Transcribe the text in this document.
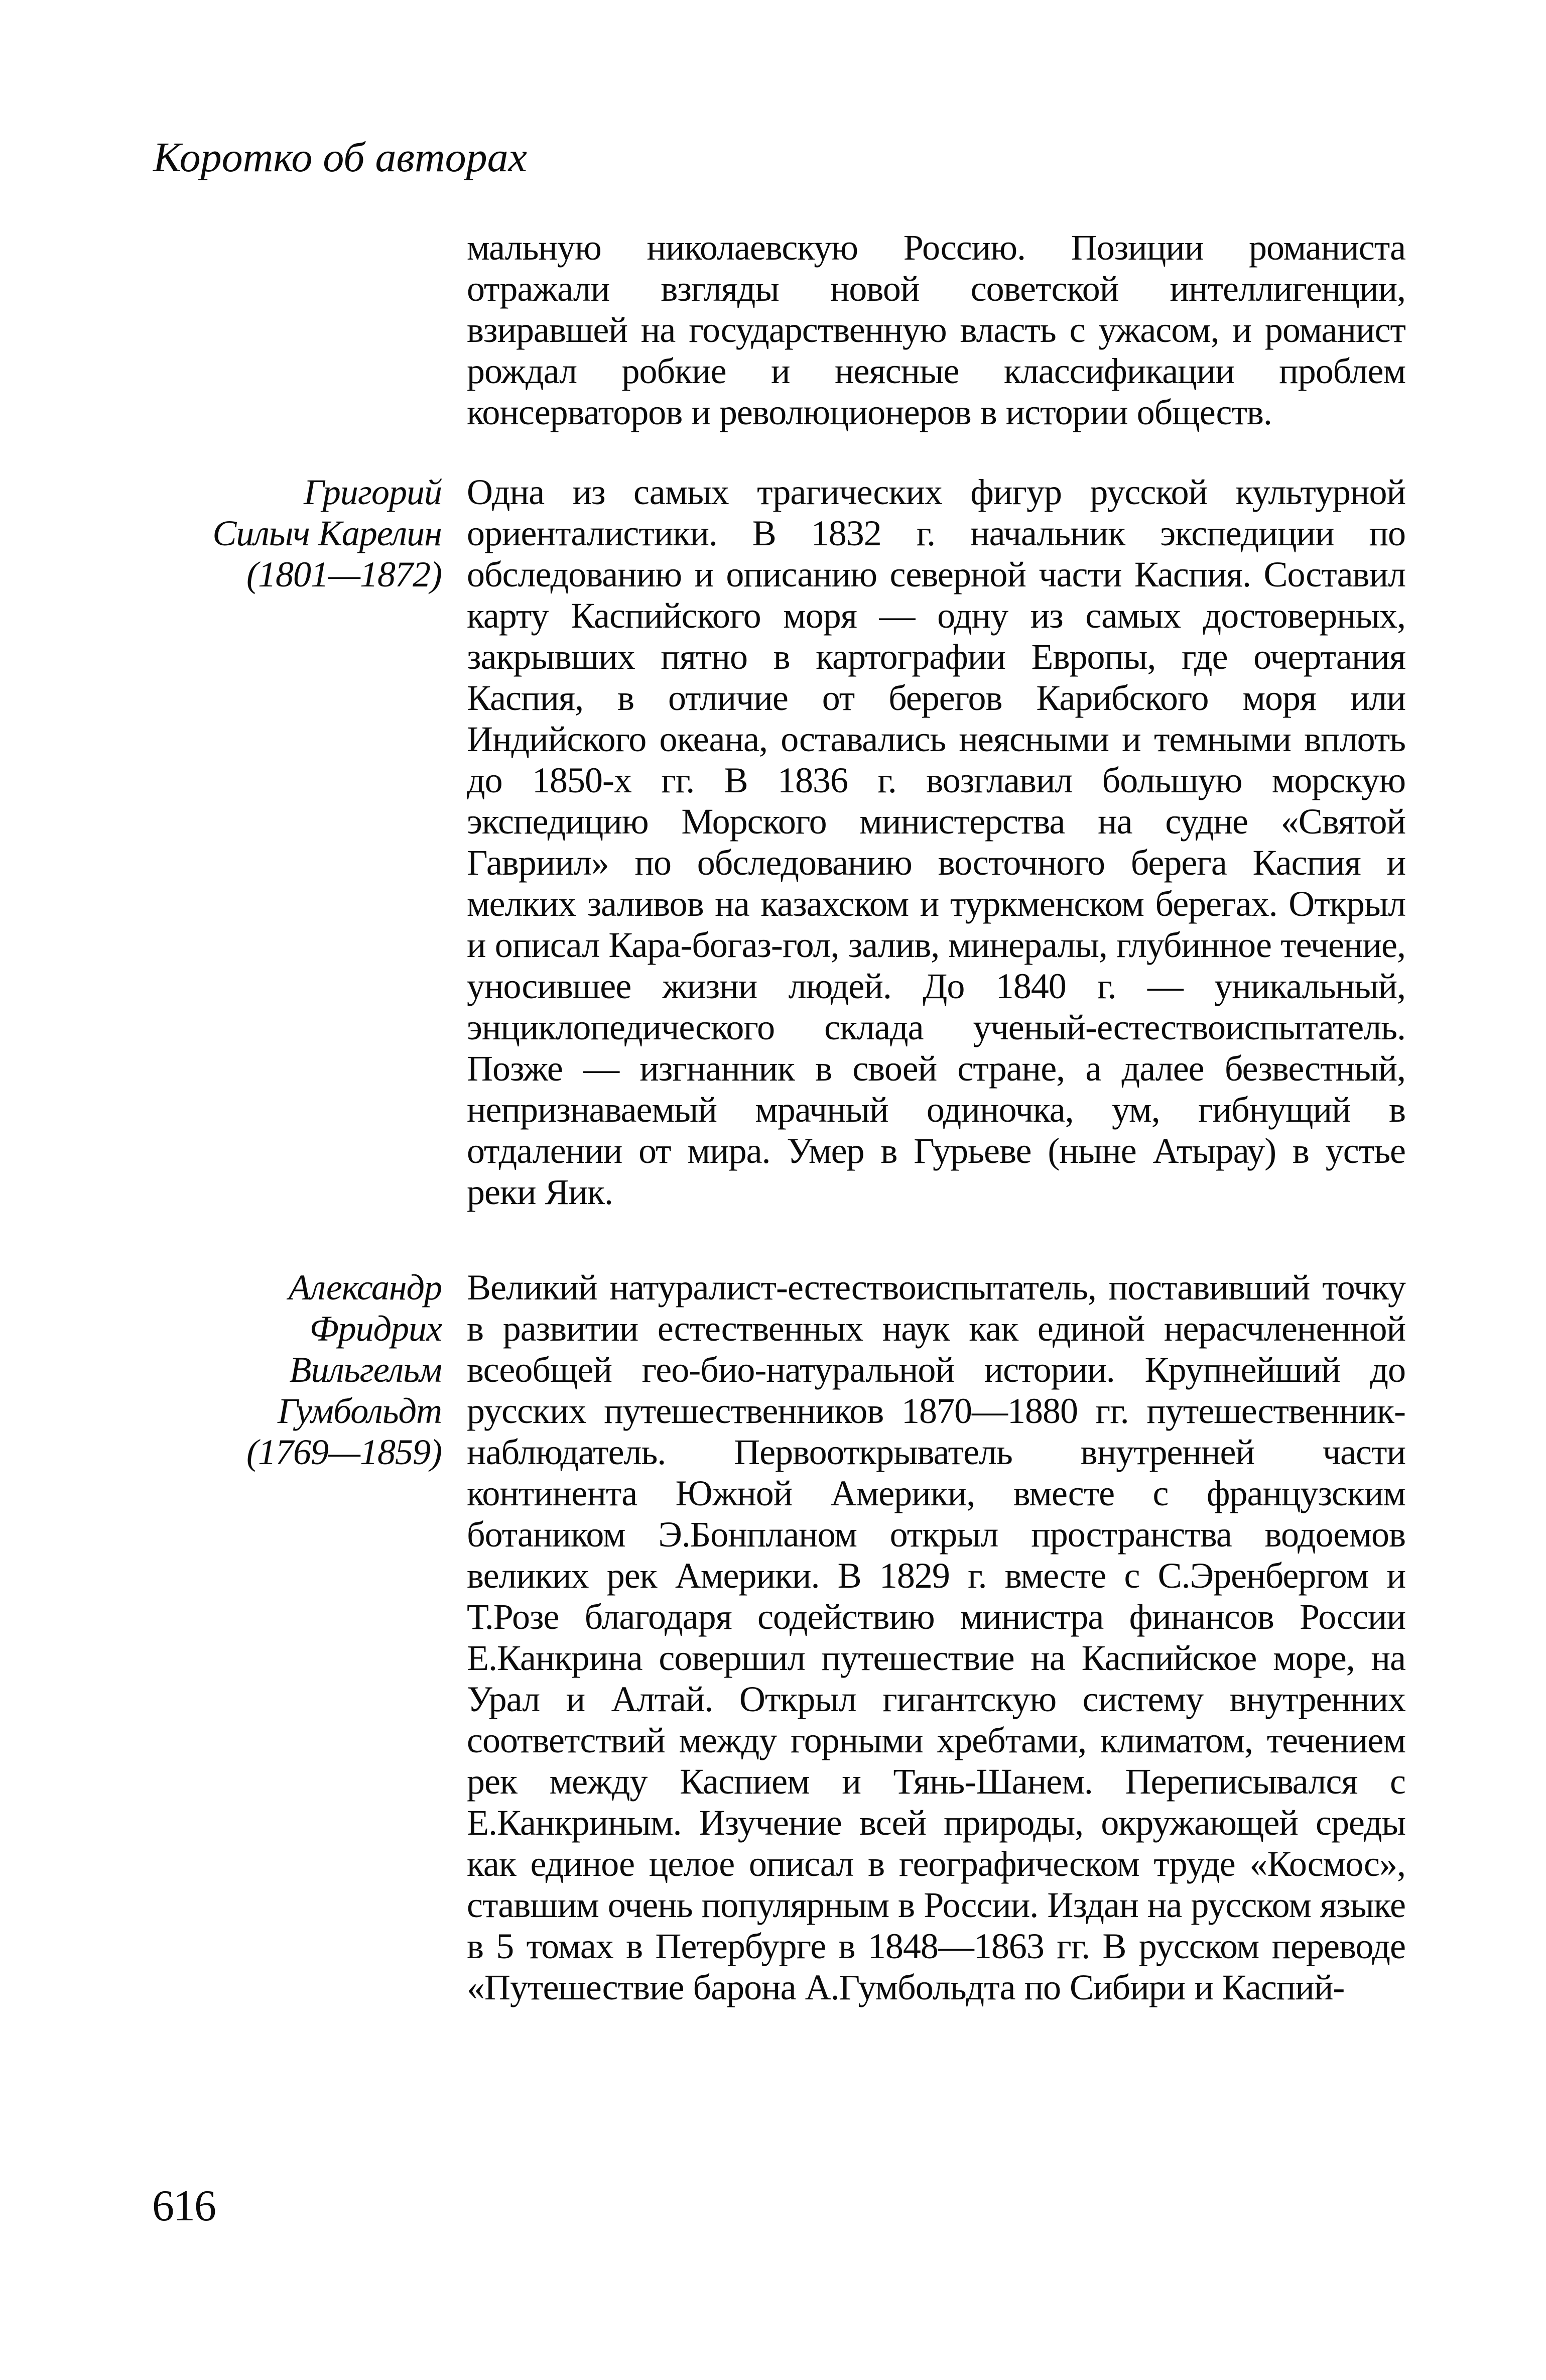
Коротко об авторах

мальную николаевскую Россию. Позиции романиста отражали взгляды новой советской интеллигенции, взиравшей на государственную власть с ужасом, и романист рождал робкие и неясные классификации проблем консерваторов и революционеров в истории обществ.

Григорий
Силыч Карелин
(1801—1872)

Одна из самых трагических фигур русской культурной ориенталистики. В 1832 г. начальник экспедиции по обследованию и описанию северной части Каспия. Составил карту Каспийского моря — одну из самых достоверных, закрывших пятно в картографии Европы, где очертания Каспия, в отличие от берегов Карибского моря или Индийского океана, оставались неясными и темными вплоть до 1850-х гг. В 1836 г. возглавил большую морскую экспедицию Морского министерства на судне «Святой Гавриил» по обследованию восточного берега Каспия и мелких заливов на казахском и туркменском берегах. Открыл и описал Кара-богаз-гол, залив, минералы, глубинное течение, уносившее жизни людей. До 1840 г. — уникальный, энциклопедического склада ученый-естествоиспытатель. Позже — изгнанник в своей стране, а далее безвестный, непризнаваемый мрачный одиночка, ум, гибнущий в отдалении от мира. Умер в Гурьеве (ныне Атырау) в устье реки Яик.

Александр
Фридрих
Вильгельм
Гумбольдт
(1769—1859)

Великий натуралист-естествоиспытатель, поставивший точку в развитии естественных наук как единой нерасчлененной всеобщей гео-био-натуральной истории. Крупнейший до русских путешественников 1870—1880 гг. путешественник-наблюдатель. Первооткрыватель внутренней части континента Южной Америки, вместе с французским ботаником Э.Бонпланом открыл пространства водоемов великих рек Америки. В 1829 г. вместе с С.Эренбергом и Т.Розе благодаря содействию министра финансов России Е.Канкрина совершил путешествие на Каспийское море, на Урал и Алтай. Открыл гигантскую систему внутренних соответствий между горными хребтами, климатом, течением рек между Каспием и Тянь-Шанем. Переписывался с Е.Канкриным. Изучение всей природы, окружающей среды как единое целое описал в географическом труде «Космос», ставшим очень популярным в России. Издан на русском языке в 5 томах в Петербурге в 1848—1863 гг. В русском переводе «Путешествие барона А.Гумбольдта по Сибири и Каспий-

616
